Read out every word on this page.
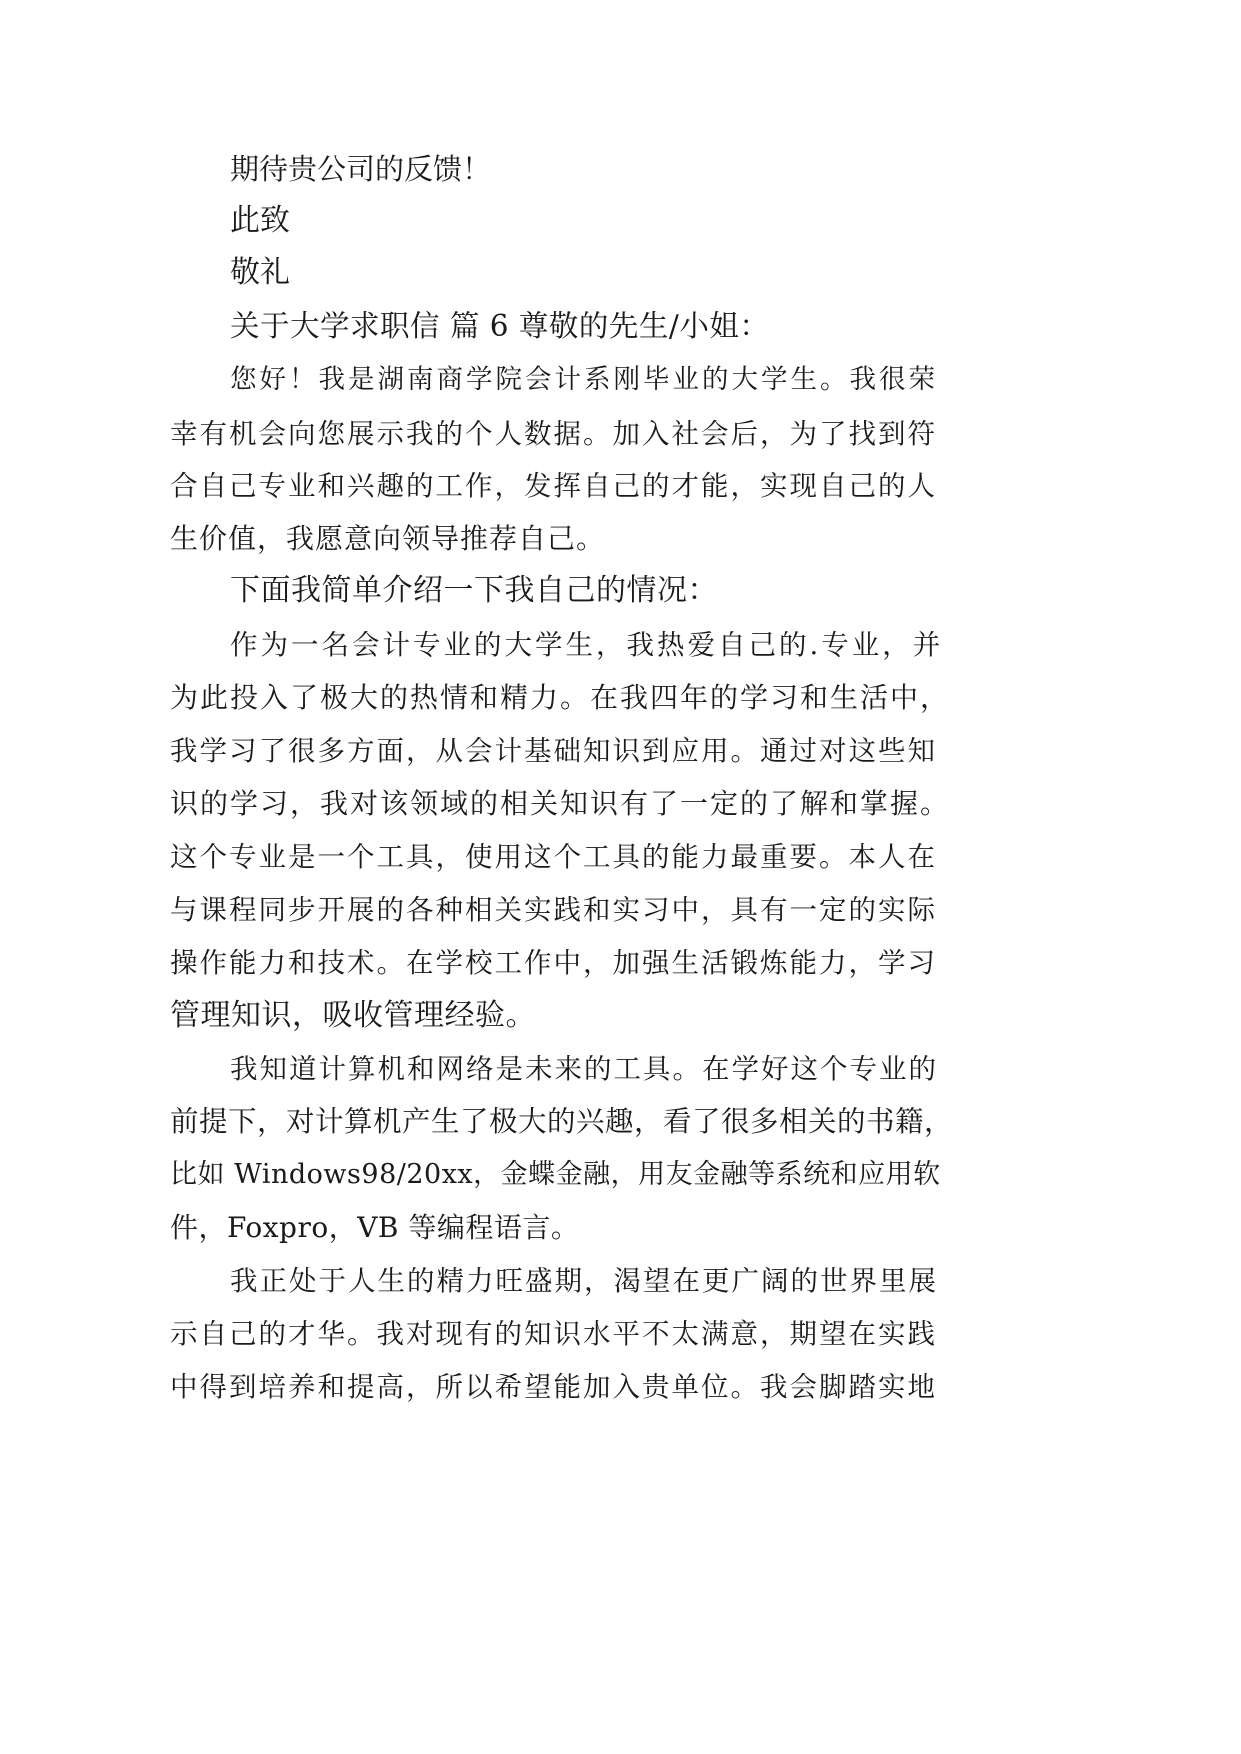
期待贵公司的反馈！

此致

敬礼

关于大学求职信 篇 6 尊敬的先生/小姐：

您好！我是湖南商学院会计系刚毕业的大学生。我很荣

幸有机会向您展示我的个人数据。加入社会后，为了找到符

合自己专业和兴趣的工作，发挥自己的才能，实现自己的人

生价值，我愿意向领导推荐自己。

下面我简单介绍一下我自己的情况：

作为一名会计专业的大学生，我热爱自己的.专业，并

为此投入了极大的热情和精力。在我四年的学习和生活中，

我学习了很多方面，从会计基础知识到应用。通过对这些知

识的学习，我对该领域的相关知识有了一定的了解和掌握。

这个专业是一个工具，使用这个工具的能力最重要。本人在

与课程同步开展的各种相关实践和实习中，具有一定的实际

操作能力和技术。在学校工作中，加强生活锻炼能力，学习

管理知识，吸收管理经验。

我知道计算机和网络是未来的工具。在学好这个专业的

前提下，对计算机产生了极大的兴趣，看了很多相关的书籍，

比如 Windows98/20xx，金蝶金融，用友金融等系统和应用软

件，Foxpro，VB 等编程语言。

我正处于人生的精力旺盛期，渴望在更广阔的世界里展

示自己的才华。我对现有的知识水平不太满意，期望在实践

中得到培养和提高，所以希望能加入贵单位。我会脚踏实地
